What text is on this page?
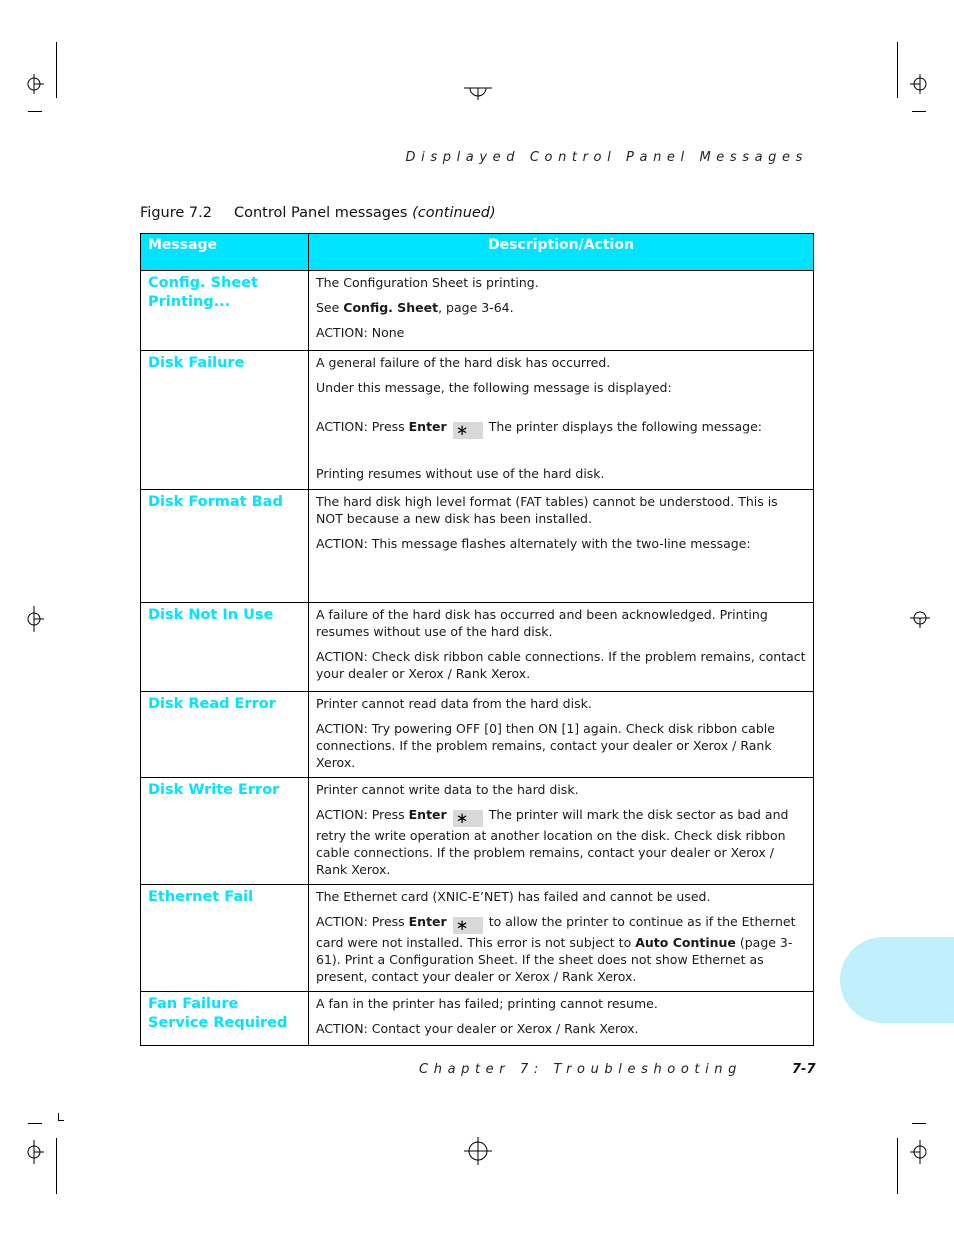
Displayed Control Panel Messages
Figure 7.2 Control Panel messages (continued)
Message	Description/Action
Config. Sheet Printing...	The Configuration Sheet is printing.

See Config. Sheet, page 3-64.

ACTION: None

Disk Failure	A general failure of the hard disk has occurred.

Under this message, the following message is displayed:

ACTION: Press Enter ∗ The printer displays the following message:

Printing resumes without use of the hard disk.

Disk Format Bad	The hard disk high level format (FAT tables) cannot be understood. This is NOT because a new disk has been installed.

ACTION: This message flashes alternately with the two-line message:

Disk Not In Use	A failure of the hard disk has occurred and been acknowledged. Printing resumes without use of the hard disk.

ACTION: Check disk ribbon cable connections. If the problem remains, contact your dealer or Xerox / Rank Xerox.

Disk Read Error	Printer cannot read data from the hard disk.

ACTION: Try powering OFF [0] then ON [1] again. Check disk ribbon cable connections. If the problem remains, contact your dealer or Xerox / Rank Xerox.

Disk Write Error	Printer cannot write data to the hard disk.

ACTION: Press Enter ∗ The printer will mark the disk sector as bad and retry the write operation at another location on the disk. Check disk ribbon cable connections. If the problem remains, contact your dealer or Xerox / Rank Xerox.

Ethernet Fail	The Ethernet card (XNIC-E’NET) has failed and cannot be used.

ACTION: Press Enter ∗ to allow the printer to continue as if the Ethernet card were not installed. This error is not subject to Auto Continue (page 3-61). Print a Configuration Sheet. If the sheet does not show Ethernet as present, contact your dealer or Xerox / Rank Xerox.

Fan Failure Service Required	A fan in the printer has failed; printing cannot resume.

ACTION: Contact your dealer or Xerox / Rank Xerox.

Chapter 7: Troubleshooting	7-7
